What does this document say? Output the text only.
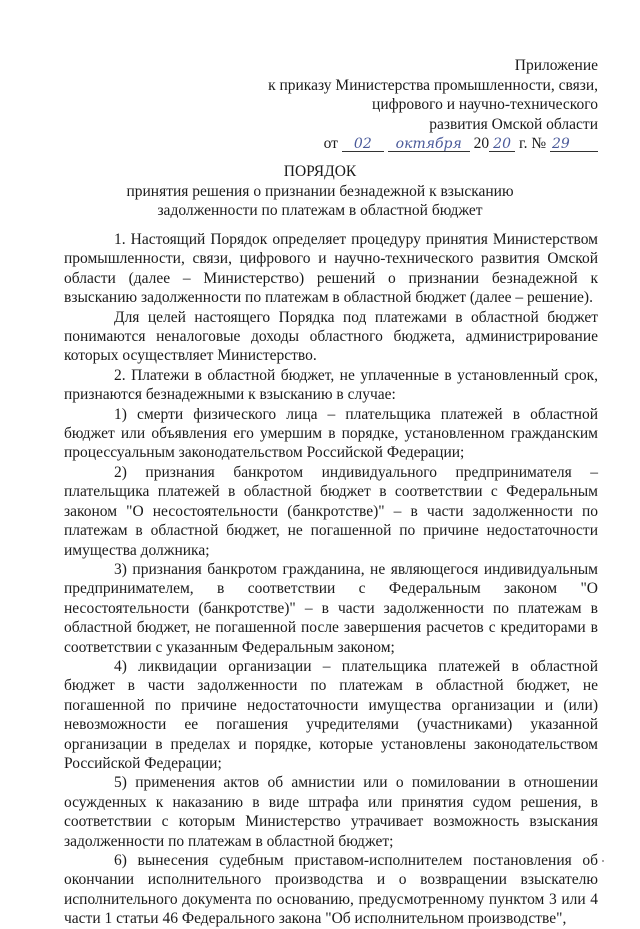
Приложение
к приказу Министерства промышленности, связи,
цифрового и научно-технического
развития Омской области
от 02 октября 20 20 г. № 29
ПОРЯДОК
принятия решения о признании безнадежной к взысканию
задолженности по платежам в областной бюджет

1. Настоящий Порядок определяет процедуру принятия Министерством промышленности, связи, цифрового и научно-технического развития Омской области (далее – Министерство) решений о признании безнадежной к взысканию задолженности по платежам в областной бюджет (далее – решение).

Для целей настоящего Порядка под платежами в областной бюджет понимаются неналоговые доходы областного бюджета, администрирование которых осуществляет Министерство.

2. Платежи в областной бюджет, не уплаченные в установленный срок, признаются безнадежными к взысканию в случае:

1) смерти физического лица – плательщика платежей в областной бюджет или объявления его умершим в порядке, установленном гражданским процессуальным законодательством Российской Федерации;

2) признания банкротом индивидуального предпринимателя – плательщика платежей в областной бюджет в соответствии с Федеральным законом "О несостоятельности (банкротстве)" – в части задолженности по платежам в областной бюджет, не погашенной по причине недостаточности имущества должника;

3) признания банкротом гражданина, не являющегося индивидуальным предпринимателем, в соответствии с Федеральным законом "О несостоятельности (банкротстве)" – в части задолженности по платежам в областной бюджет, не погашенной после завершения расчетов с кредиторами в соответствии с указанным Федеральным законом;

4) ликвидации организации – плательщика платежей в областной бюджет в части задолженности по платежам в областной бюджет, не погашенной по причине недостаточности имущества организации и (или) невозможности ее погашения учредителями (участниками) указанной организации в пределах и порядке, которые установлены законодательством Российской Федерации;

5) применения актов об амнистии или о помиловании в отношении осужденных к наказанию в виде штрафа или принятия судом решения, в соответствии с которым Министерство утрачивает возможность взыскания задолженности по платежам в областной бюджет;

6) вынесения судебным приставом-исполнителем постановления об окончании исполнительного производства и о возвращении взыскателю исполнительного документа по основанию, предусмотренному пунктом 3 или 4 части 1 статьи 46 Федерального закона "Об исполнительном производстве",
